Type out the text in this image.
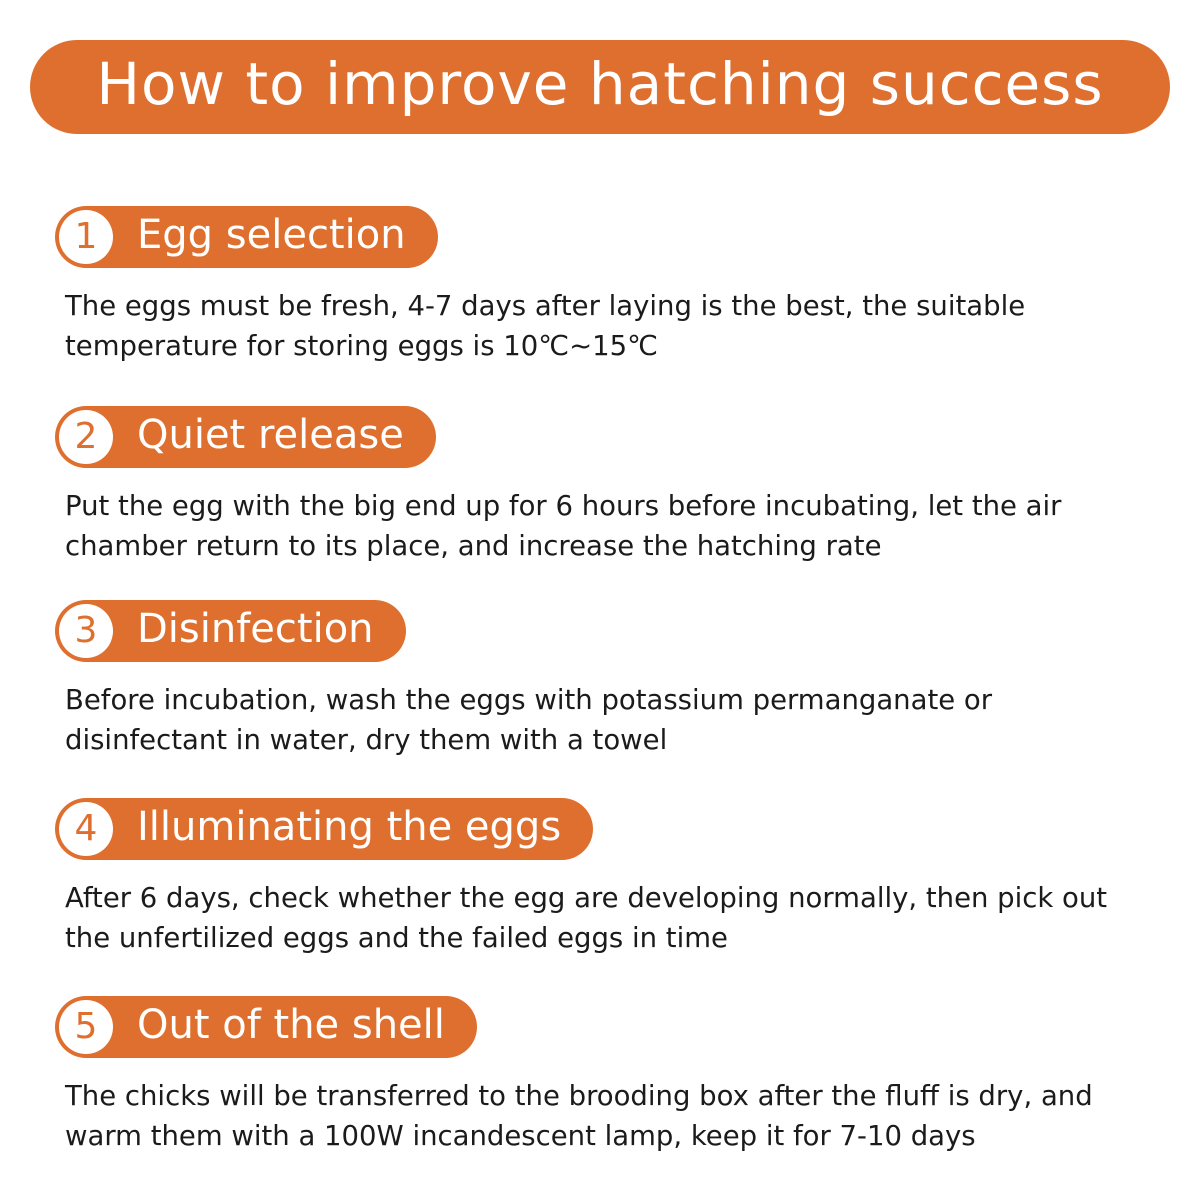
How to improve hatching success
1 Egg selection

The eggs must be fresh, 4-7 days after laying is the best, the suitable temperature for storing eggs is 10℃~15℃

2 Quiet release

Put the egg with the big end up for 6 hours before incubating, let the air chamber return to its place, and increase the hatching rate

3 Disinfection

Before incubation, wash the eggs with potassium permanganate or disinfectant in water, dry them with a towel

4 Illuminating the eggs

After 6 days, check whether the egg are developing normally, then pick out the unfertilized eggs and the failed eggs in time

5 Out of the shell

The chicks will be transferred to the brooding box after the fluff is dry, and warm them with a 100W incandescent lamp, keep it for 7-10 days
